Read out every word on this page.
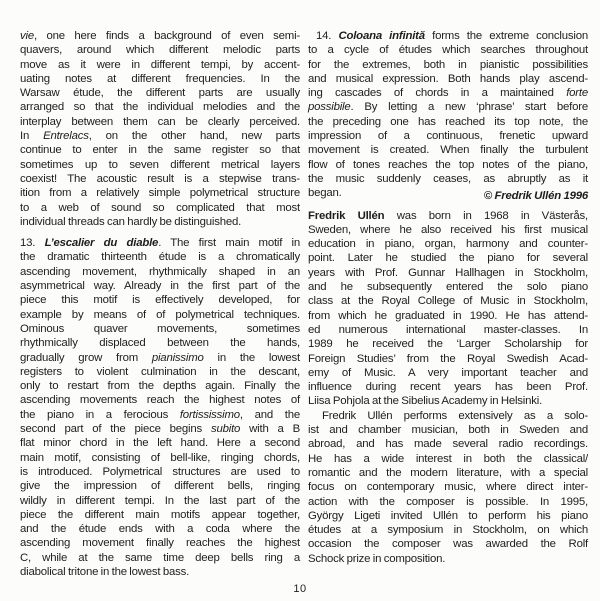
vie, one here finds a background of even semi-
quavers, around which different melodic parts
move as it were in different tempi, by accent-
uating notes at different frequencies. In the
Warsaw étude, the different parts are usually
arranged so that the individual melodies and the
interplay between them can be clearly perceived.
In Entrelacs, on the other hand, new parts
continue to enter in the same register so that
sometimes up to seven different metrical layers
coexist! The acoustic result is a stepwise trans-
ition from a relatively simple polymetrical structure
to a web of sound so complicated that most
individual threads can hardly be distinguished.
13. L’escalier du diable. The first main motif in
the dramatic thirteenth étude is a chromatically
ascending movement, rhythmically shaped in an
asymmetrical way. Already in the first part of the
piece this motif is effectively developed, for
example by means of of polymetrical techniques.
Ominous quaver movements, sometimes
rhythmically displaced between the hands,
gradually grow from pianissimo in the lowest
registers to violent culmination in the descant,
only to restart from the depths again. Finally the
ascending movements reach the highest notes of
the piano in a ferocious fortississimo, and the
second part of the piece begins subito with a B
flat minor chord in the left hand. Here a second
main motif, consisting of bell-like, ringing chords,
is introduced. Polymetrical structures are used to
give the impression of different bells, ringing
wildly in different tempi. In the last part of the
piece the different main motifs appear together,
and the étude ends with a coda where the
ascending movement finally reaches the highest
C, while at the same time deep bells ring a
diabolical tritone in the lowest bass.
14. Coloana infinită forms the extreme conclusion
to a cycle of études which searches throughout
for the extremes, both in pianistic possibilities
and musical expression. Both hands play ascend-
ing cascades of chords in a maintained forte
possibile. By letting a new ‘phrase’ start before
the preceding one has reached its top note, the
impression of a continuous, frenetic upward
movement is created. When finally the turbulent
flow of tones reaches the top notes of the piano,
the music suddenly ceases, as abruptly as it
began.	© Fredrik Ullén 1996
Fredrik Ullén was born in 1968 in Västerås,
Sweden, where he also received his first musical
education in piano, organ, harmony and counter-
point. Later he studied the piano for several
years with Prof. Gunnar Hallhagen in Stockholm,
and he subsequently entered the solo piano
class at the Royal College of Music in Stockholm,
from which he graduated in 1990. He has attend-
ed numerous international master-classes. In
1989 he received the ‘Larger Scholarship for
Foreign Studies’ from the Royal Swedish Acad-
emy of Music. A very important teacher and
influence during recent years has been Prof.
Liisa Pohjola at the Sibelius Academy in Helsinki.
Fredrik Ullén performs extensively as a solo-
ist and chamber musician, both in Sweden and
abroad, and has made several radio recordings.
He has a wide interest in both the classical/
romantic and the modern literature, with a special
focus on contemporary music, where direct inter-
action with the composer is possible. In 1995,
György Ligeti invited Ullén to perform his piano
études at a symposium in Stockholm, on which
occasion the composer was awarded the Rolf
Schock prize in composition.
10
